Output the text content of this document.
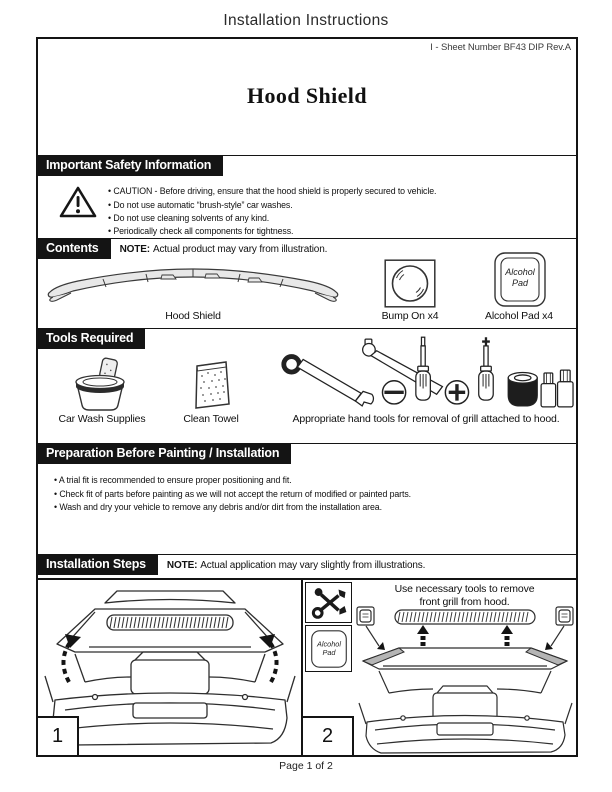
Installation Instructions
I - Sheet Number BF43 DIP Rev.A
Hood Shield
Important Safety Information
• CAUTION - Before driving, ensure that the hood shield is properly secured to vehicle.
• Do not use automatic “brush-style” car washes.
• Do not use cleaning solvents of any kind.
• Periodically check all components for tightness.
Contents	NOTE: Actual product may vary from illustration.
Hood Shield	Bump On x4
Alcohol
Pad
Alcohol Pad x4
Tools Required
Car Wash Supplies	Clean Towel	Appropriate hand tools for removal of grill attached to hood.
Preparation Before Painting / Installation
• A trial fit is recommended to ensure proper positioning and fit.
• Check fit of parts before painting as we will not accept the return of modified or painted parts.
• Wash and dry your vehicle to remove any debris and/or dirt from the installation area.
Installation Steps	NOTE: Actual application may vary slightly from illustrations.
1
Alcohol
Pad
Use necessary tools to remove
front grill from hood.
2
Page 1 of 2
